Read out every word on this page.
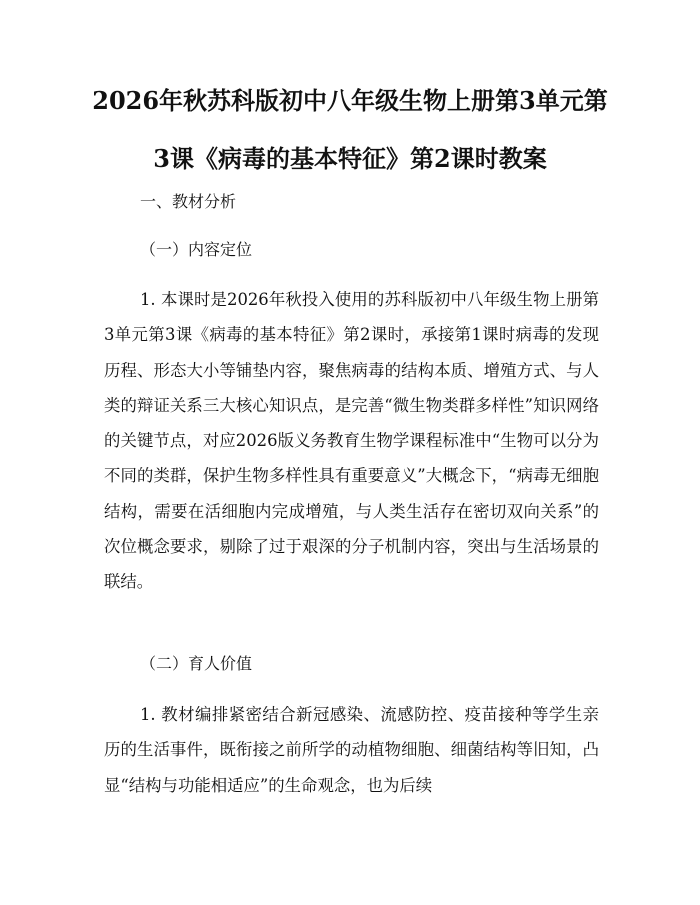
2026年秋苏科版初中八年级生物上册第3单元第3课《病毒的基本特征》第2课时教案

一、教材分析

（一）内容定位

1. 本课时是2026年秋投入使用的苏科版初中八年级生物上册第3单元第3课《病毒的基本特征》第2课时，承接第1课时病毒的发现历程、形态大小等铺垫内容，聚焦病毒的结构本质、增殖方式、与人类的辩证关系三大核心知识点，是完善“微生物类群多样性”知识网络的关键节点，对应2026版义务教育生物学课程标准中“生物可以分为不同的类群，保护生物多样性具有重要意义”大概念下，“病毒无细胞结构，需要在活细胞内完成增殖，与人类生活存在密切双向关系”的次位概念要求，剔除了过于艰深的分子机制内容，突出与生活场景的联结。

（二）育人价值

1. 教材编排紧密结合新冠感染、流感防控、疫苗接种等学生亲历的生活事件，既衔接之前所学的动植物细胞、细菌结构等旧知，凸显“结构与功能相适应”的生命观念，也为后续
